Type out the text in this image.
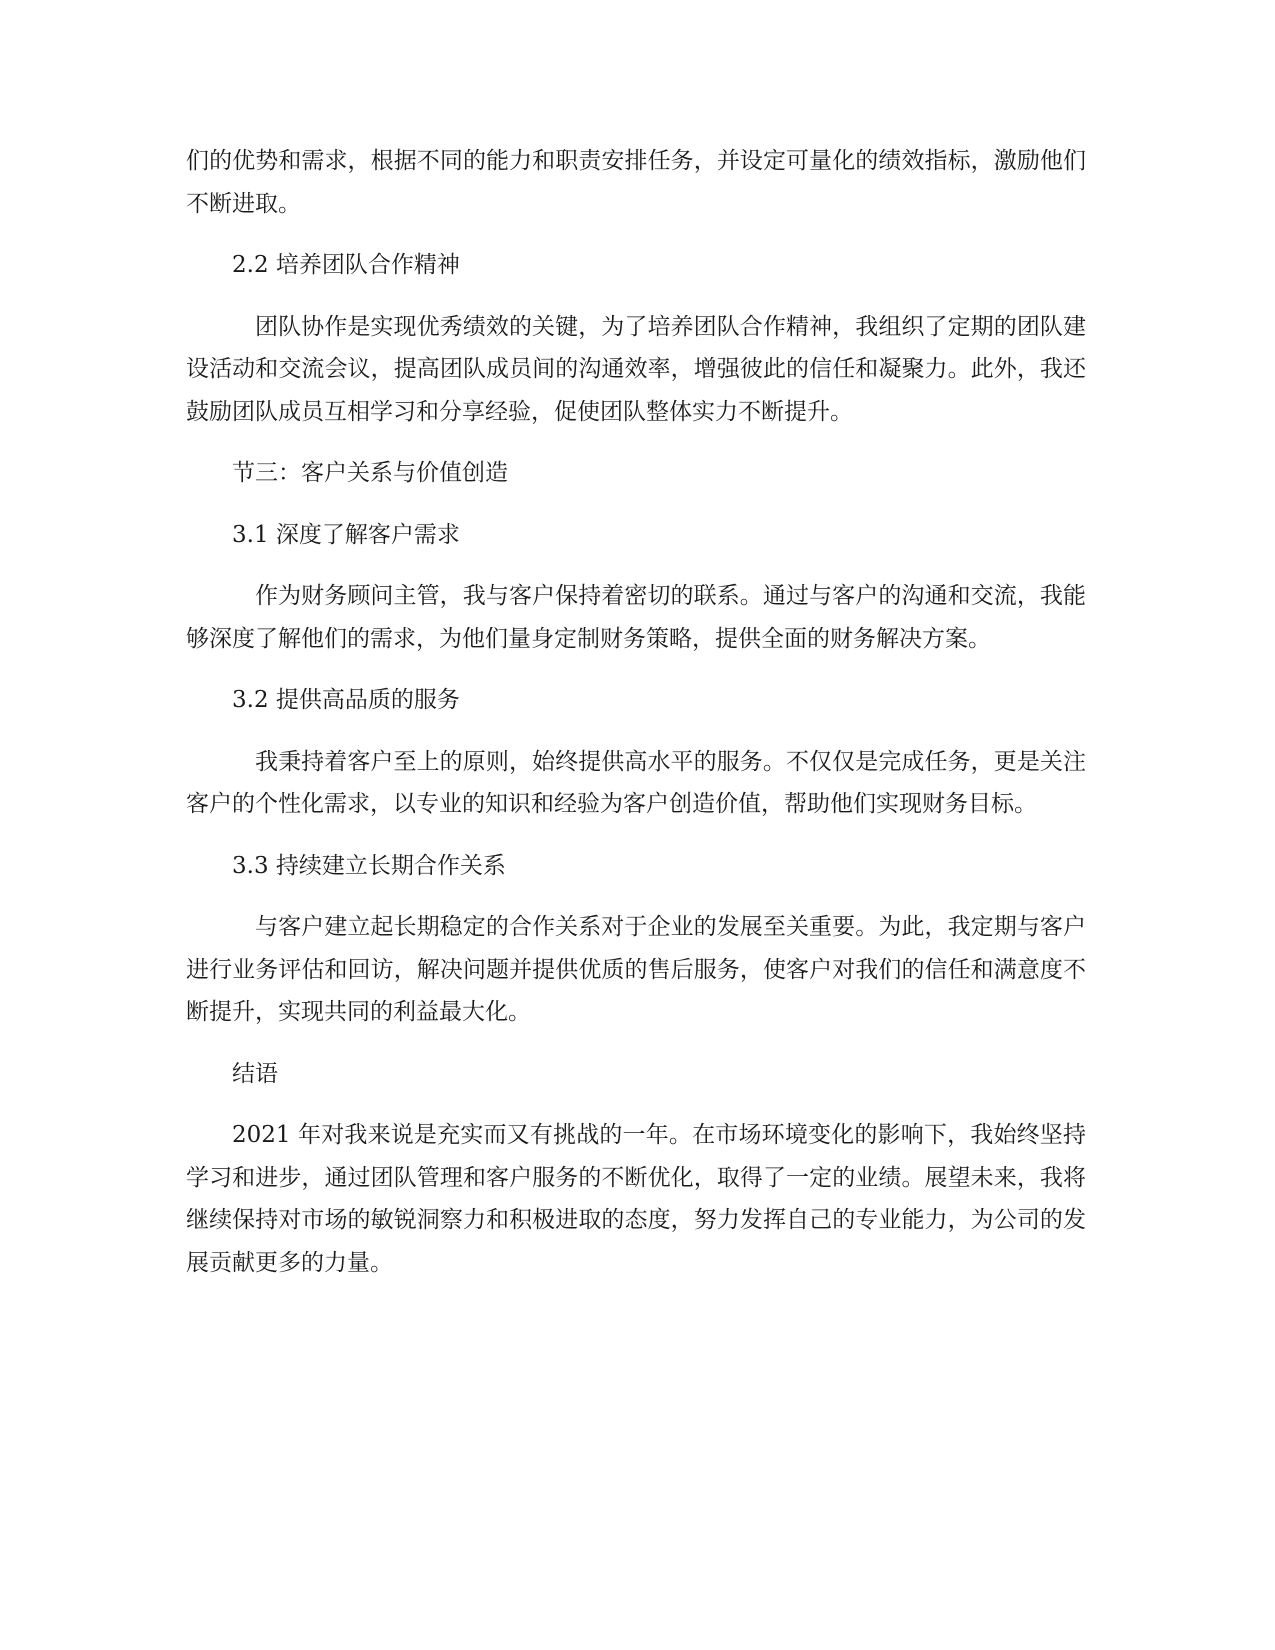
们的优势和需求，根据不同的能力和职责安排任务，并设定可量化的绩效指标，激励他们不断进取。

2.2 培养团队合作精神

团队协作是实现优秀绩效的关键，为了培养团队合作精神，我组织了定期的团队建设活动和交流会议，提高团队成员间的沟通效率，增强彼此的信任和凝聚力。此外，我还鼓励团队成员互相学习和分享经验，促使团队整体实力不断提升。

节三：客户关系与价值创造

3.1 深度了解客户需求

作为财务顾问主管，我与客户保持着密切的联系。通过与客户的沟通和交流，我能够深度了解他们的需求，为他们量身定制财务策略，提供全面的财务解决方案。

3.2 提供高品质的服务

我秉持着客户至上的原则，始终提供高水平的服务。不仅仅是完成任务，更是关注客户的个性化需求，以专业的知识和经验为客户创造价值，帮助他们实现财务目标。

3.3 持续建立长期合作关系

与客户建立起长期稳定的合作关系对于企业的发展至关重要。为此，我定期与客户进行业务评估和回访，解决问题并提供优质的售后服务，使客户对我们的信任和满意度不断提升，实现共同的利益最大化。

结语

2021 年对我来说是充实而又有挑战的一年。在市场环境变化的影响下，我始终坚持学习和进步，通过团队管理和客户服务的不断优化，取得了一定的业绩。展望未来，我将继续保持对市场的敏锐洞察力和积极进取的态度，努力发挥自己的专业能力，为公司的发展贡献更多的力量。
